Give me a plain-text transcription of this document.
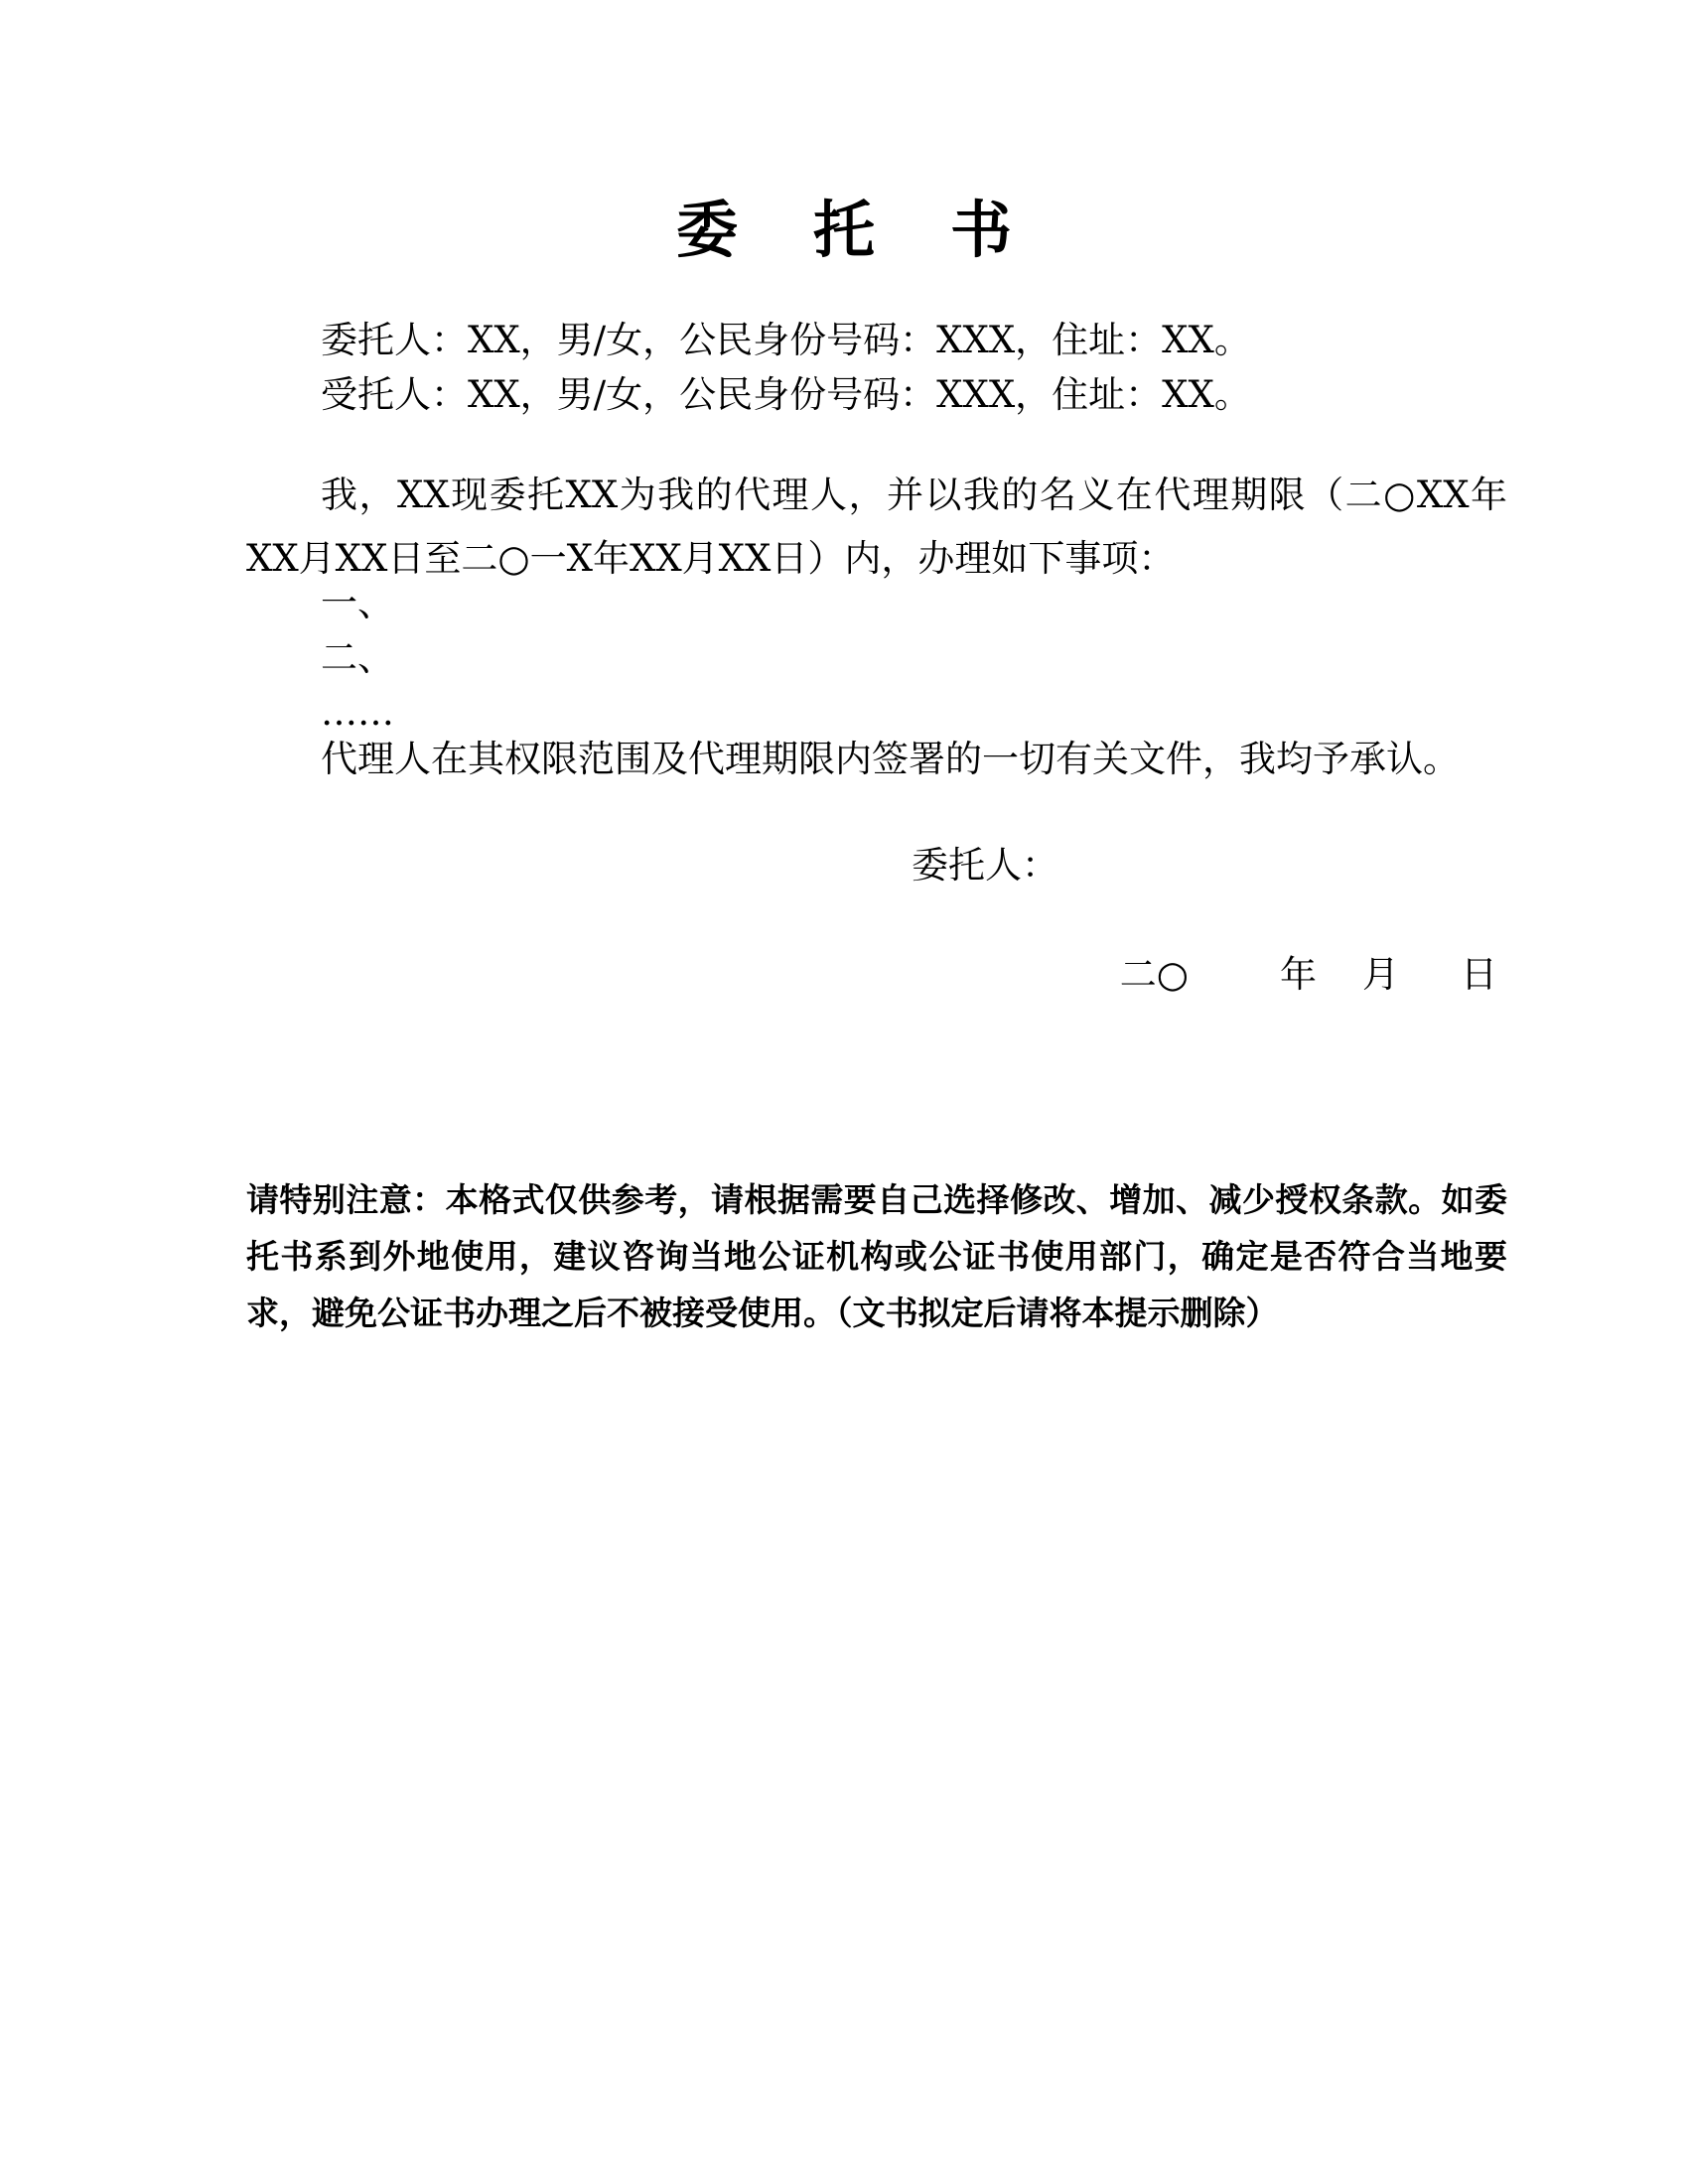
委 托 书
委托人：XX，男/女，公民身份号码：XXX，住址：XX。
受托人：XX，男/女，公民身份号码：XXX，住址：XX。
我，XX现委托XX为我的代理人，并以我的名义在代理期限（二○XX年XX月XX日至二○一X年XX月XX日）内，办理如下事项：
一、
二、
……
代理人在其权限范围及代理期限内签署的一切有关文件，我均予承认。
委托人：
二○ 年 月 日
请特别注意：本格式仅供参考，请根据需要自己选择修改、增加、减少授权条款。如委托书系到外地使用，建议咨询当地公证机构或公证书使用部门，确定是否符合当地要求，避免公证书办理之后不被接受使用。（文书拟定后请将本提示删除）
